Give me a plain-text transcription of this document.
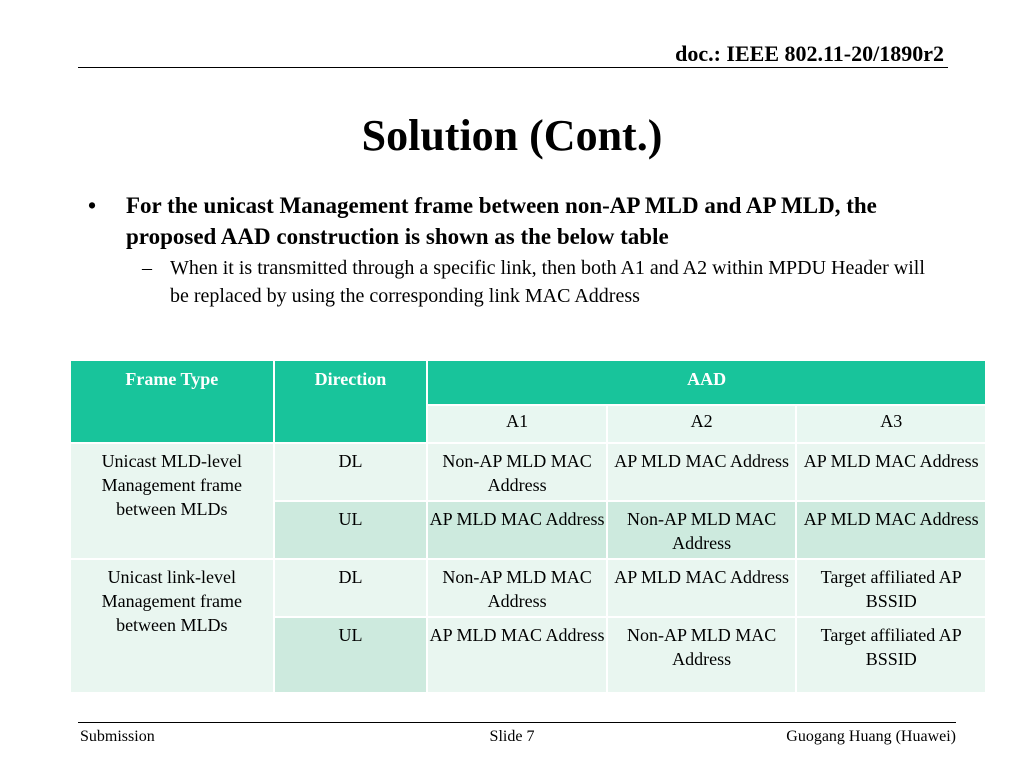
doc.: IEEE 802.11-20/1890r2
Solution (Cont.)
• For the unicast Management frame between non-AP MLD and AP MLD, the proposed AAD construction is shown as the below table
– When it is transmitted through a specific link, then both A1 and A2 within MPDU Header will be replaced by using the corresponding link MAC Address
Frame Type	Direction	AAD		
		A1	A2	A3
Unicast MLD-level Management frame between MLDs	DL	Non-AP MLD MAC Address	AP MLD MAC Address	AP MLD MAC Address
	UL	AP MLD MAC Address	Non-AP MLD MAC Address	AP MLD MAC Address
Unicast link-level Management frame between MLDs	DL	Non-AP MLD MAC Address	AP MLD MAC Address	Target affiliated AP BSSID
	UL	AP MLD MAC Address	Non-AP MLD MAC Address	Target affiliated AP BSSID
Submission	Slide 7	Guogang Huang (Huawei)
